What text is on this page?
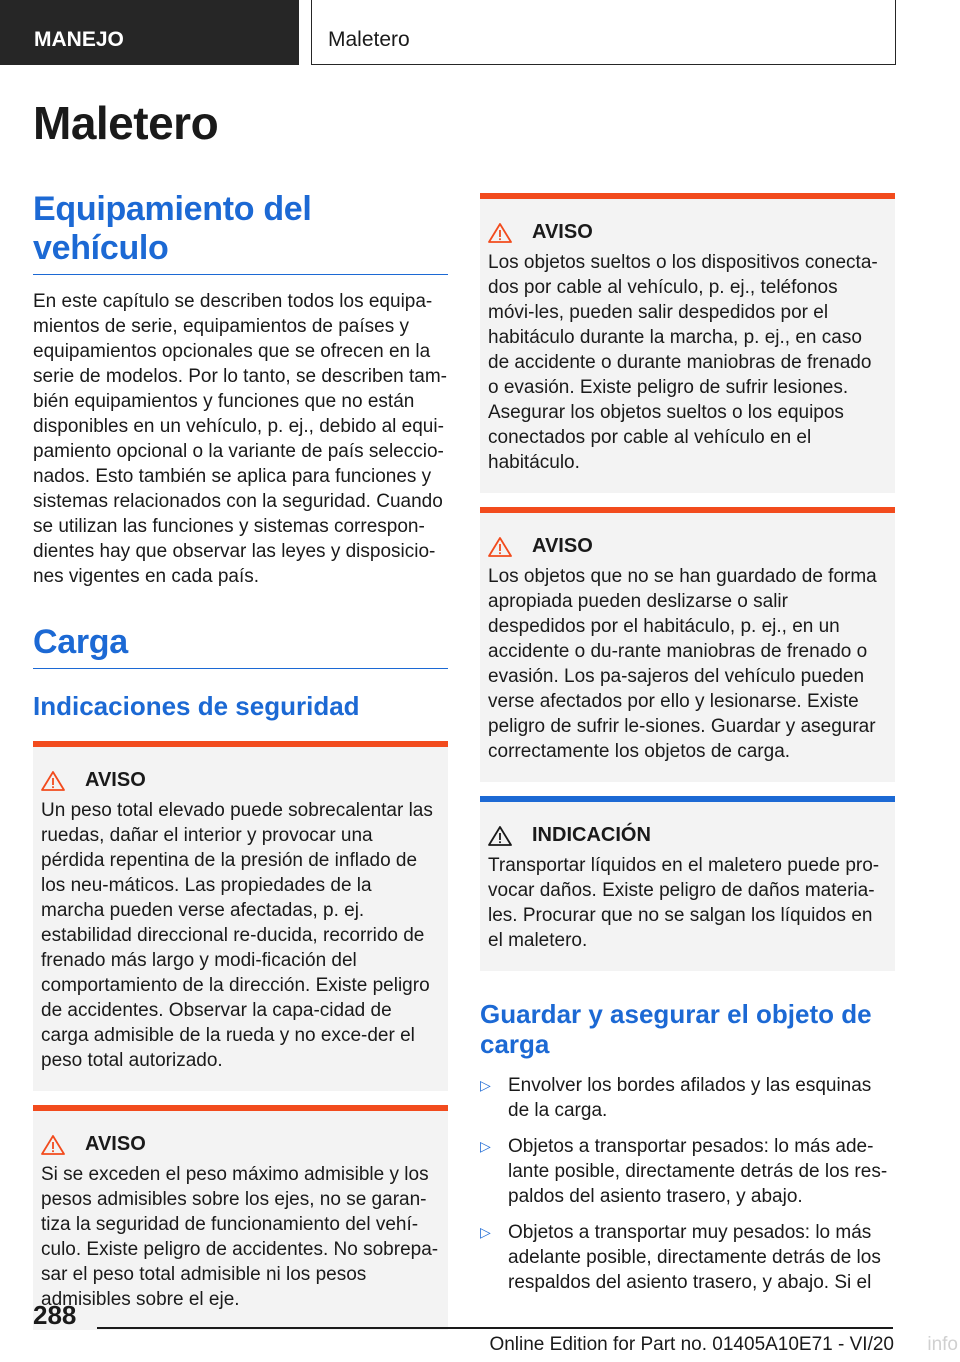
MANEJO	Maletero
Maletero
Equipamiento del vehículo

En este capítulo se describen todos los equipa-mientos de serie, equipamientos de países y equipamientos opcionales que se ofrecen en la serie de modelos. Por lo tanto, se describen tam-bién equipamientos y funciones que no están disponibles en un vehículo, p. ej., debido al equi-pamiento opcional o la variante de país seleccio-nados. Esto también se aplica para funciones y sistemas relacionados con la seguridad. Cuando se utilizan las funciones y sistemas correspon-dientes hay que observar las leyes y disposicio-nes vigentes en cada país.

Carga
Indicaciones de seguridad
AVISO

Un peso total elevado puede sobrecalentar las ruedas, dañar el interior y provocar una pérdida repentina de la presión de inflado de los neu-máticos. Las propiedades de la marcha pueden verse afectadas, p. ej. estabilidad direccional re-ducida, recorrido de frenado más largo y modi-ficación del comportamiento de la dirección. Existe peligro de accidentes. Observar la capa-cidad de carga admisible de la rueda y no exce-der el peso total autorizado.

AVISO

Si se exceden el peso máximo admisible y los pesos admisibles sobre los ejes, no se garan-tiza la seguridad de funcionamiento del vehí-culo. Existe peligro de accidentes. No sobrepa-sar el peso total admisible ni los pesos admisibles sobre el eje.

AVISO

Los objetos sueltos o los dispositivos conecta-dos por cable al vehículo, p. ej., teléfonos móvi-les, pueden salir despedidos por el habitáculo durante la marcha, p. ej., en caso de accidente o durante maniobras de frenado o evasión. Existe peligro de sufrir lesiones. Asegurar los objetos sueltos o los equipos conectados por cable al vehículo en el habitáculo.

AVISO

Los objetos que no se han guardado de forma apropiada pueden deslizarse o salir despedidos por el habitáculo, p. ej., en un accidente o du-rante maniobras de frenado o evasión. Los pa-sajeros del vehículo pueden verse afectados por ello y lesionarse. Existe peligro de sufrir le-siones. Guardar y asegurar correctamente los objetos de carga.

INDICACIÓN

Transportar líquidos en el maletero puede pro-vocar daños. Existe peligro de daños materia-les. Procurar que no se salgan los líquidos en el maletero.

Guardar y asegurar el objeto de carga
▷ Envolver los bordes afilados y las esquinas de la carga.
▷ Objetos a transportar pesados: lo más ade-lante posible, directamente detrás de los res-paldos del asiento trasero, y abajo.
▷ Objetos a transportar muy pesados: lo más adelante posible, directamente detrás de los respaldos del asiento trasero, y abajo. Si el
288
Online Edition for Part no. 01405A10E71 - VI/20 info
